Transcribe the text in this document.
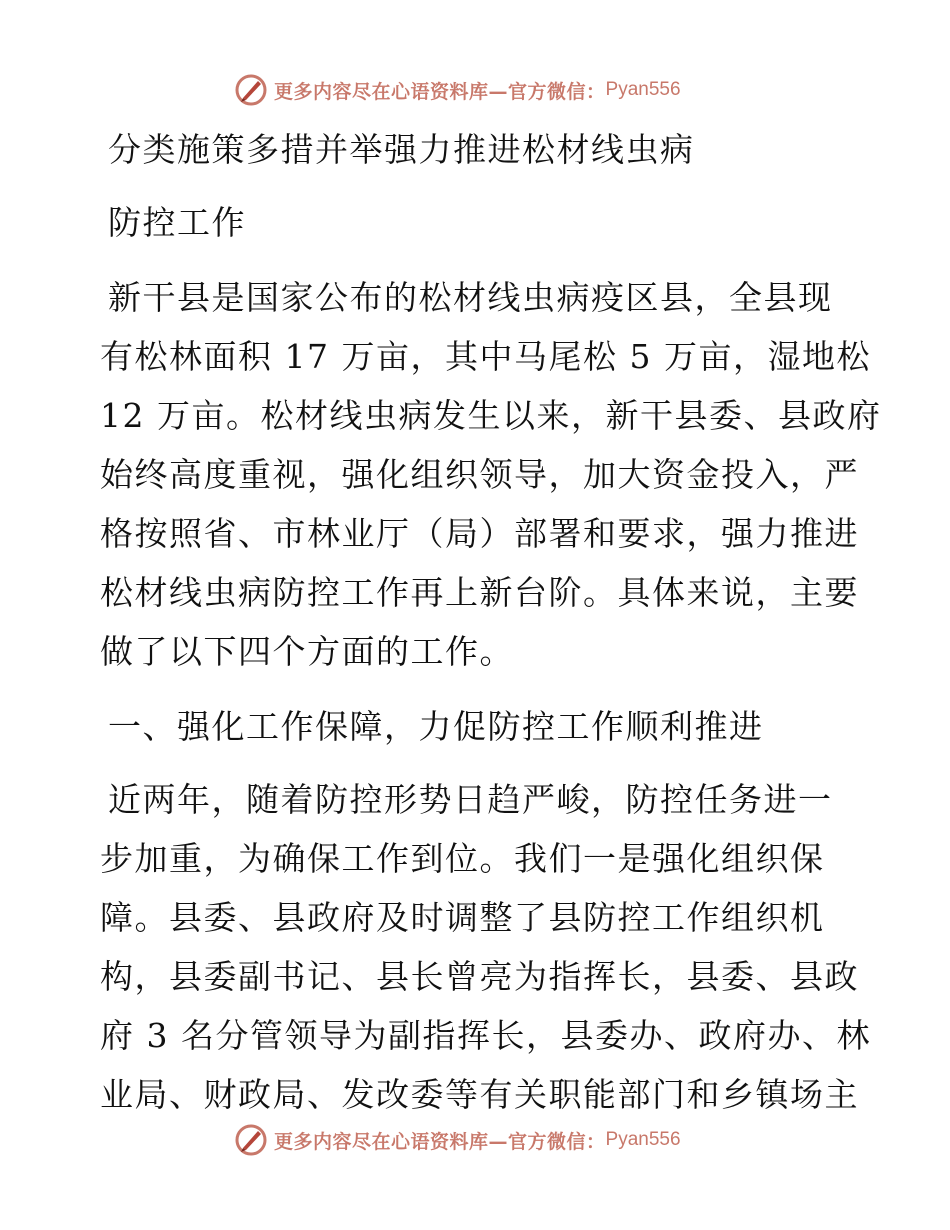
更多内容尽在心语资料库—官方微信： Pyan556

分类施策多措并举强力推进松材线虫病

防控工作

新干县是国家公布的松材线虫病疫区县，全县现

有松林面积 17 万亩，其中马尾松 5 万亩，湿地松

12 万亩。松材线虫病发生以来，新干县委、县政府

始终高度重视，强化组织领导，加大资金投入，严

格按照省、市林业厅（局）部署和要求，强力推进

松材线虫病防控工作再上新台阶。具体来说，主要

做了以下四个方面的工作。

一、强化工作保障，力促防控工作顺利推进

近两年，随着防控形势日趋严峻，防控任务进一

步加重，为确保工作到位。我们一是强化组织保

障。县委、县政府及时调整了县防控工作组织机

构，县委副书记、县长曾亮为指挥长，县委、县政

府 3 名分管领导为副指挥长，县委办、政府办、林

业局、财政局、发改委等有关职能部门和乡镇场主

更多内容尽在心语资料库—官方微信： Pyan556
